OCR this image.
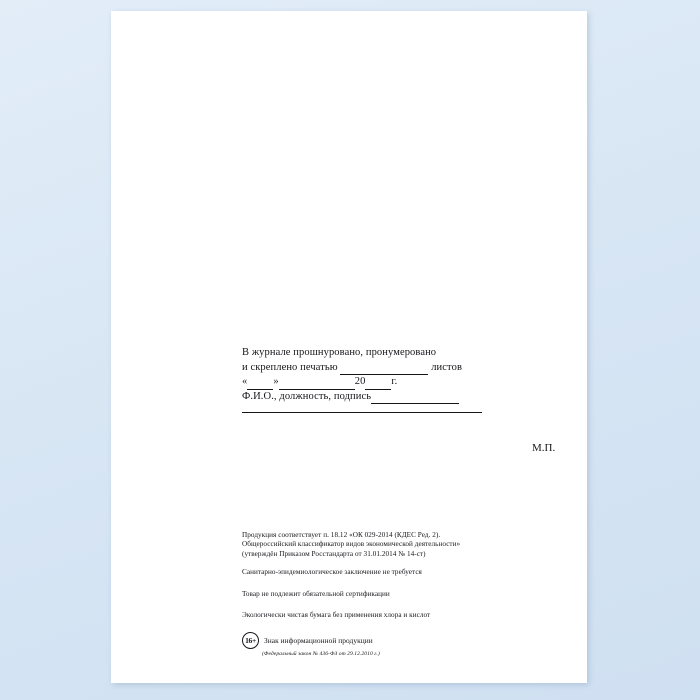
В журнале прошнуровано, пронумеровано
и скреплено печатью	листов
« »	20 г.
Ф.И.О., должность, подпись
М.П.
Продукция соответствует п. 18.12 «ОК 029-2014 (КДЕС Ред. 2).
Общероссийский классификатор видов экономической деятельности»
(утверждён Приказом Росстандарта от 31.01.2014 № 14-ст)
Санитарно-эпидемиологическое заключение не требуется
Товар не подлежит обязательной сертификации
Экологически чистая бумага без применения хлора и кислот
16+	Знак информационной продукции
(Федеральный закон № 436-ФЗ от 29.12.2010 г.)
